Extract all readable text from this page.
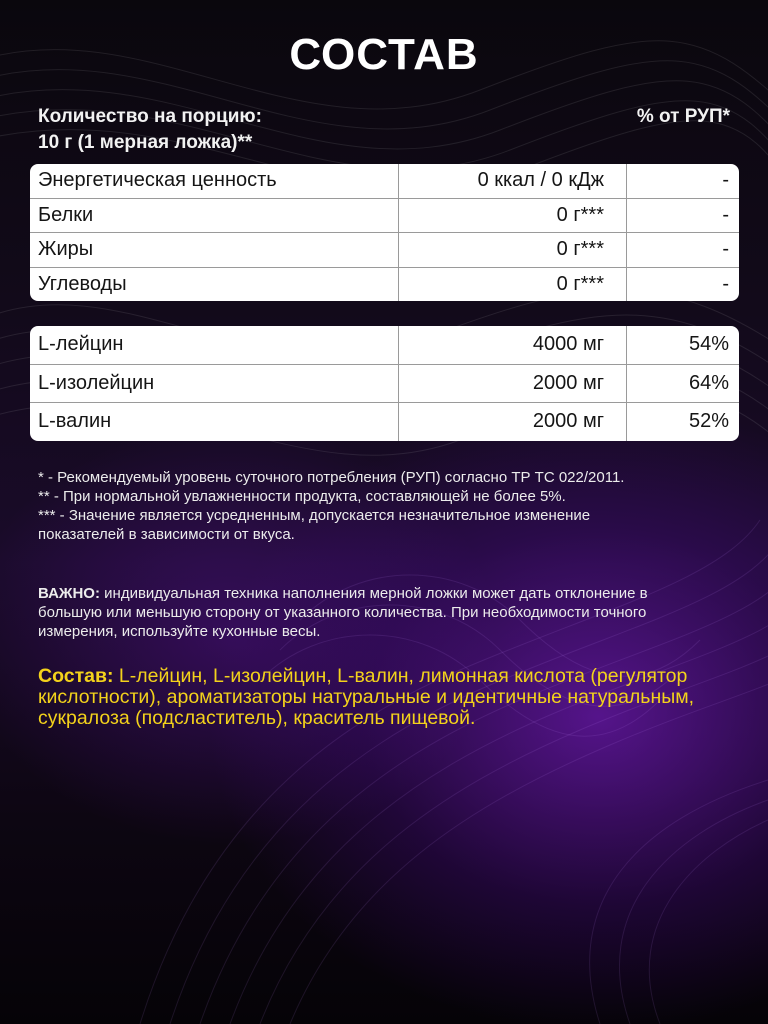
СОСТАВ
Количество на порцию:
10 г (1 мерная ложка)**
% от РУП*
Энергетическая ценность	0 ккал / 0 кДж	-
Белки	0 г***	-
Жиры	0 г***	-
Углеводы	0 г***	-
L-лейцин	4000 мг	54%
L-изолейцин	2000 мг	64%
L-валин	2000 мг	52%

* - Рекомендуемый уровень суточного потребления (РУП) согласно ТР ТС 022/2011.

** - При нормальной увлажненности продукта, составляющей не более 5%.

*** - Значение является усредненным, допускается незначительное изменение показателей в зависимости от вкуса.

ВАЖНО: индивидуальная техника наполнения мерной ложки может дать отклонение в большую или меньшую сторону от указанного количества. При необходимости точного измерения, используйте кухонные весы.
Состав: L-лейцин, L-изолейцин, L-валин, лимонная кислота (регулятор кислотности), ароматизаторы натуральные и идентичные натуральным, сукралоза (подсластитель), краситель пищевой.
